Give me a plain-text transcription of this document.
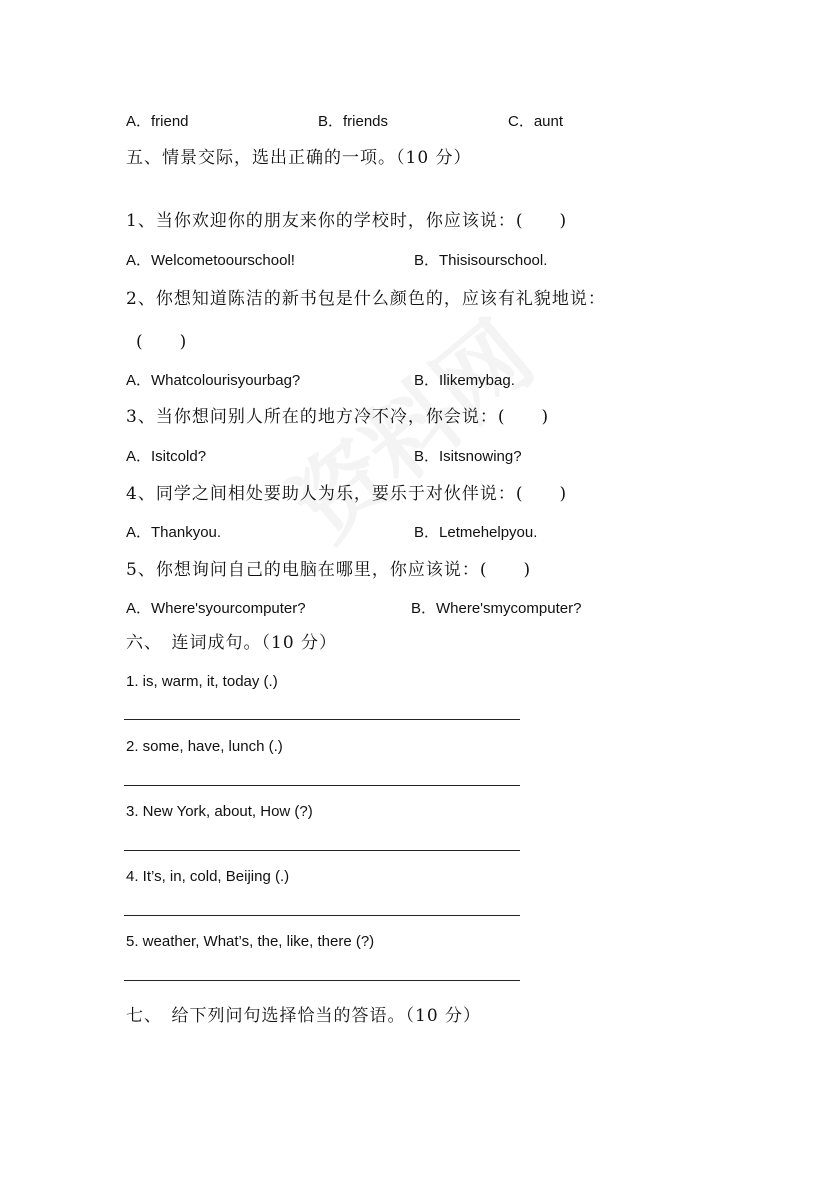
A．friend	B．friends	C．aunt
五、情景交际，选出正确的一项。（10 分）
1、当你欢迎你的朋友来你的学校时，你应该说：(　　)
A．Welcometoourschool!	B．Thisisourschool.
2、你想知道陈洁的新书包是什么颜色的，应该有礼貌地说：
(　　)
A．Whatcolourisyourbag?	B．Ilikemybag.
3、当你想问别人所在的地方冷不冷，你会说：(　　)
A．Isitcold?	B．Isitsnowing?
4、同学之间相处要助人为乐，要乐于对伙伴说：(　　)
A．Thankyou.	B．Letmehelpyou.
5、你想询问自己的电脑在哪里，你应该说：(　　)
A．Where'syourcomputer?	B．Where'smycomputer?
六、　连词成句。（10 分）
1. is, warm, it, today (.)
2. some, have, lunch (.)
3. New York, about, How (?)
4. It’s, in, cold, Beijing (.)
5. weather, What’s, the, like, there (?)
七、　给下列问句选择恰当的答语。（10 分）
